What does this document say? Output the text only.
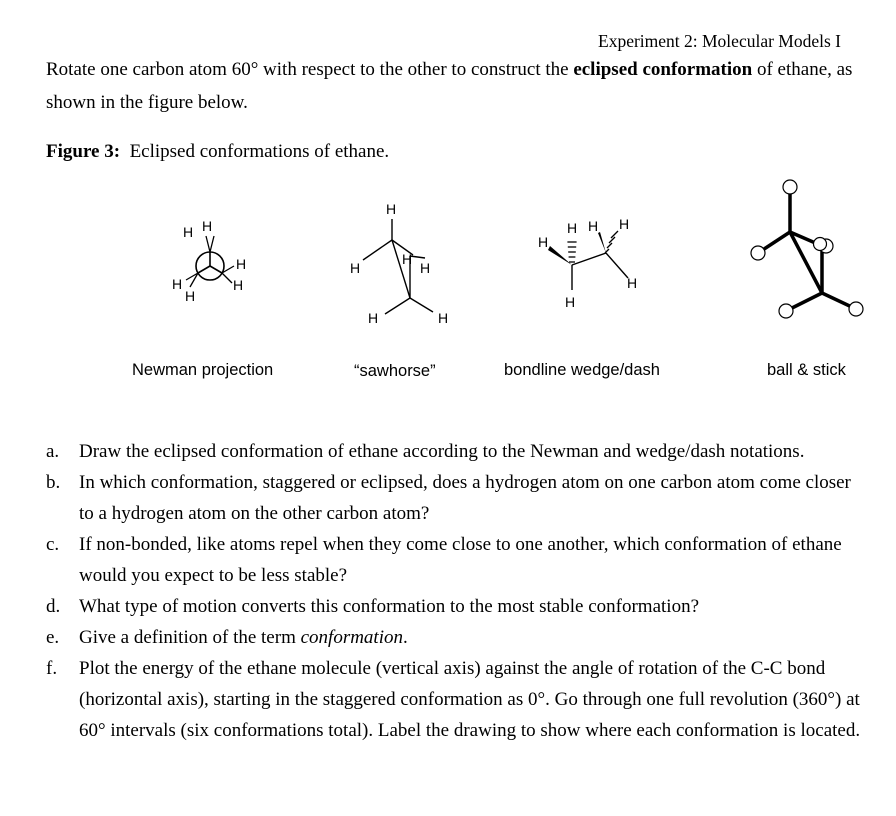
Experiment 2: Molecular Models I
Rotate one carbon atom 60° with respect to the other to construct the eclipsed conformation of ethane, as shown in the figure below.
Figure 3: Eclipsed conformations of ethane.
H H
H
H
H
H
Newman projection
H
H
H
H
H	H
“sawhorse”
H
H H H
H
H
bondline wedge/dash	ball & stick
a. Draw the eclipsed conformation of ethane according to the Newman and wedge/dash notations.
b. In which conformation, staggered or eclipsed, does a hydrogen atom on one carbon atom come closer to a hydrogen atom on the other carbon atom?
c. If non-bonded, like atoms repel when they come close to one another, which conformation of ethane would you expect to be less stable?
d. What type of motion converts this conformation to the most stable conformation?
e. Give a definition of the term conformation.
f. Plot the energy of the ethane molecule (vertical axis) against the angle of rotation of the C-C bond (horizontal axis), starting in the staggered conformation as 0°. Go through one full revolution (360°) at 60° intervals (six conformations total). Label the drawing to show where each conformation is located.
